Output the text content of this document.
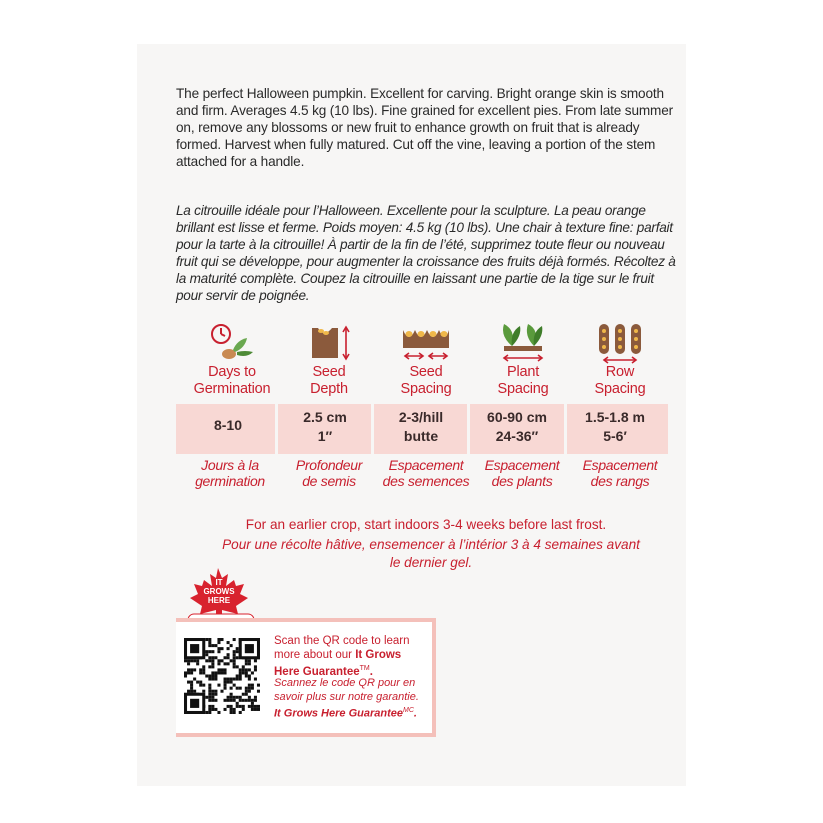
The perfect Halloween pumpkin. Excellent for carving. Bright orange skin is smooth and firm. Averages 4.5 kg (10 lbs). Fine grained for excellent pies. From late summer on, remove any blossoms or new fruit to enhance growth on fruit that is already formed. Harvest when fully matured. Cut off the vine, leaving a portion of the stem attached for a handle.

La citrouille idéale pour l’Halloween. Excellente pour la sculpture. La peau orange brillant est lisse et ferme. Poids moyen: 4.5 kg (10 lbs). Une chair à texture fine: parfait pour la tarte à la citrouille! À partir de la fin de l’été, supprimez toute fleur ou nouveau fruit qui se développe, pour augmenter la croissance des fruits déjà formés. Récoltez à la maturité complète. Coupez la citrouille en laissant une partie de la tige sur le fruit pour servir de poignée.

Days to
Germination
Seed
Depth
Seed
Spacing
Plant
Spacing
Row
Spacing
8-10	2.5 cm
1″
2-3/hill
butte
60-90 cm
24-36″
1.5-1.8 m
5-6′
Jours à la
germination
Profondeur
de semis
Espacement
des semences
Espacement
des plants
Espacement
des rangs

For an earlier crop, start indoors 3-4 weeks before last frost.

Pour une récolte hâtive, ensemencer à l’intérior 3 à 4 semaines avant
le dernier gel.
IT
GROWS
HERE

Scan the QR code to learn more about our It Grows Here Guarantee™.

Scannez le code QR pour en savoir plus sur notre garantie. It Grows Here Guarantee$^{MC}$.
